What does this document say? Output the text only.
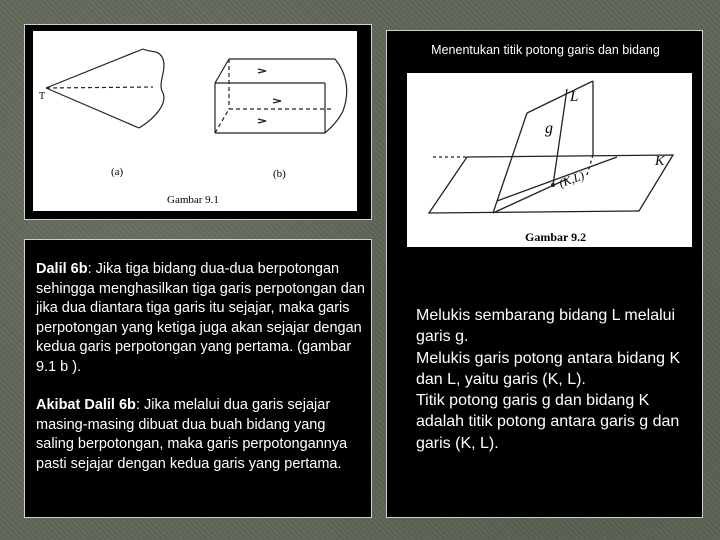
T
(a)	(b)
Gambar 9.1

Dalil 6b: Jika tiga bidang dua-dua berpotongan sehingga menghasilkan tiga garis perpotongan dan jika dua diantara tiga garis itu sejajar, maka garis perpotongan yang ketiga juga akan sejajar dengan kedua garis perpotongan yang pertama. (gambar 9.1 b ).

Akibat Dalil 6b: Jika melalui dua garis sejajar masing-masing dibuat dua buah bidang yang saling berpotongan, maka garis perpotongannya pasti sejajar dengan kedua garis yang pertama.

Menentukan titik potong garis dan bidang
L
g
K
(K,L)
Gambar 9.2

Melukis sembarang bidang L melalui garis g.

Melukis garis potong antara bidang K dan L, yaitu garis (K, L).

Titik potong garis g dan bidang K adalah titik potong antara garis g dan garis (K, L).
